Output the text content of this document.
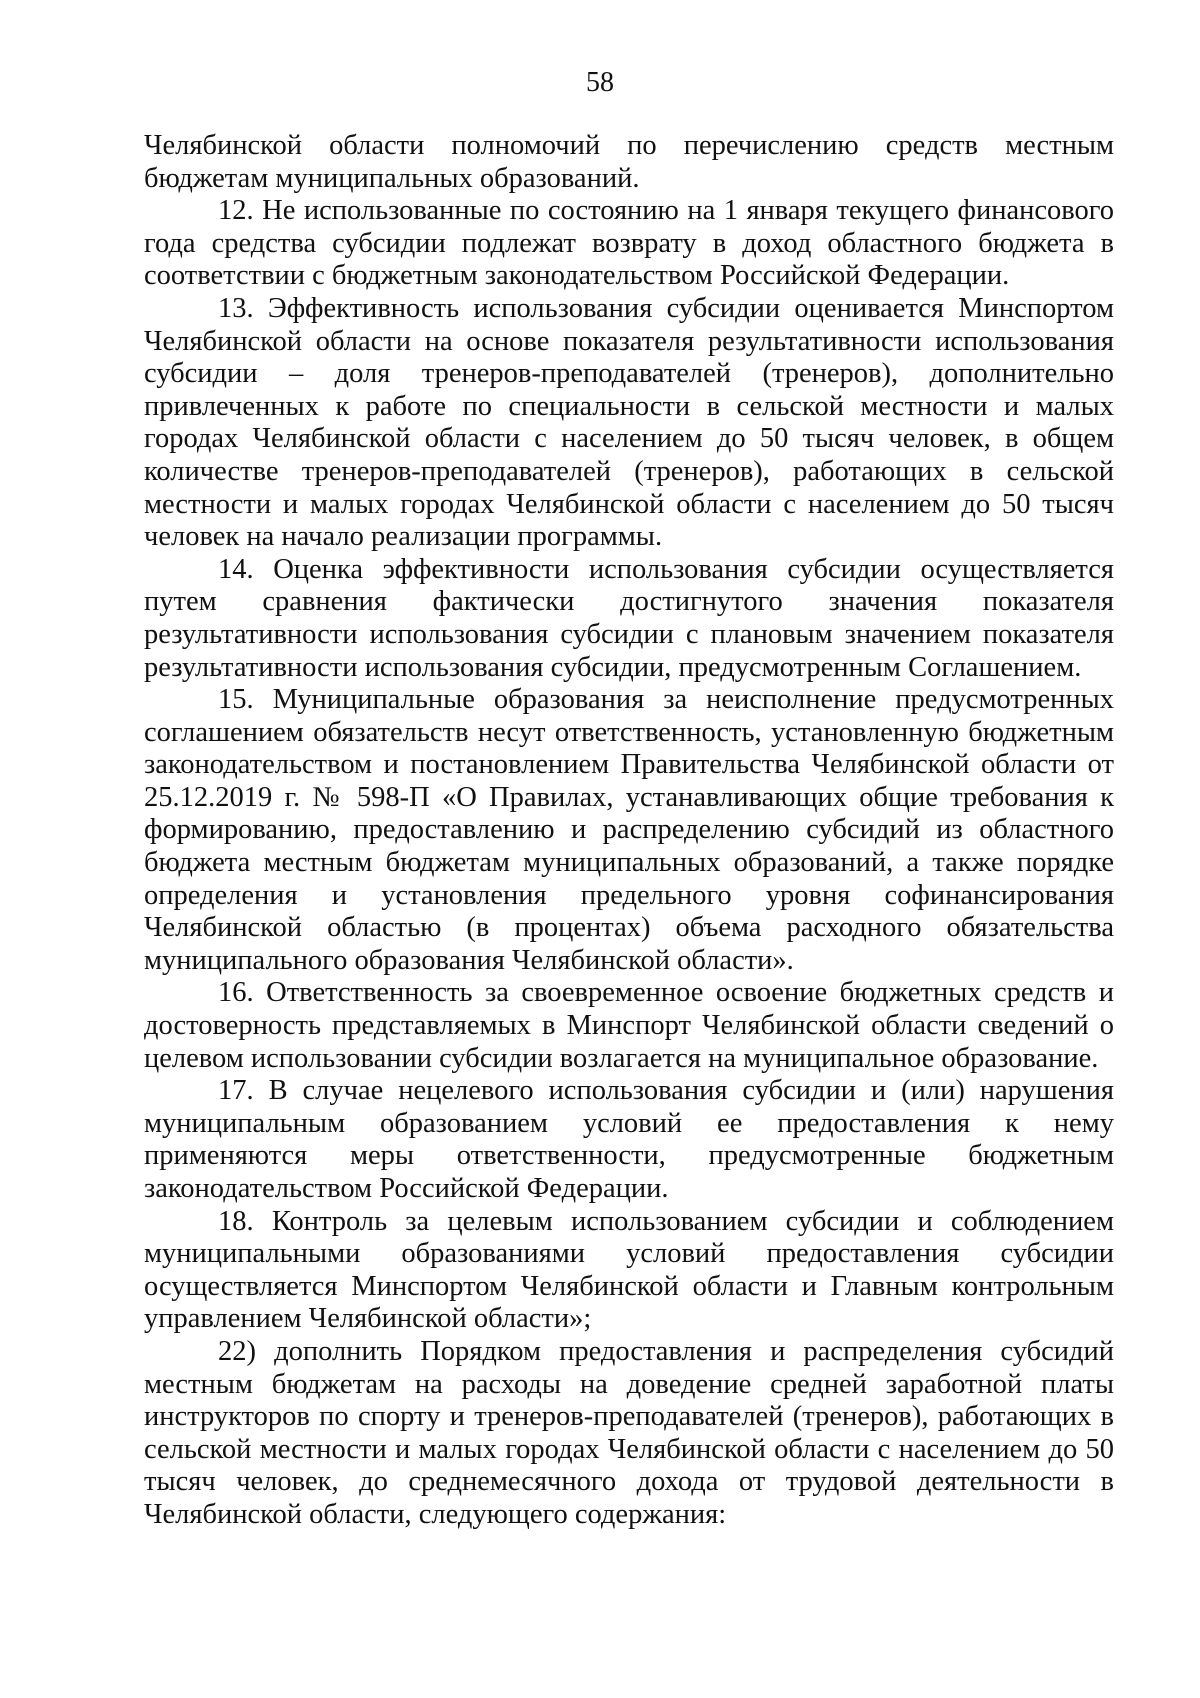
58

Челябинской области полномочий по перечислению средств местным бюджетам муниципальных образований.

12. Не использованные по состоянию на 1 января текущего финансового года средства субсидии подлежат возврату в доход областного бюджета в соответствии с бюджетным законодательством Российской Федерации.

13. Эффективность использования субсидии оценивается Минспортом Челябинской области на основе показателя результативности использования субсидии – доля тренеров-преподавателей (тренеров), дополнительно привлеченных к работе по специальности в сельской местности и малых городах Челябинской области с населением до 50 тысяч человек, в общем количестве тренеров-преподавателей (тренеров), работающих в сельской местности и малых городах Челябинской области с населением до 50 тысяч человек на начало реализации программы.

14. Оценка эффективности использования субсидии осуществляется путем сравнения фактически достигнутого значения показателя результативности использования субсидии с плановым значением показателя результативности использования субсидии, предусмотренным Соглашением.

15. Муниципальные образования за неисполнение предусмотренных соглашением обязательств несут ответственность, установленную бюджетным законодательством и постановлением Правительства Челябинской области от 25.12.2019 г. № 598-П «О Правилах, устанавливающих общие требования к формированию, предоставлению и распределению субсидий из областного бюджета местным бюджетам муниципальных образований, а также порядке определения и установления предельного уровня софинансирования Челябинской областью (в процентах) объема расходного обязательства муниципального образования Челябинской области».

16. Ответственность за своевременное освоение бюджетных средств и достоверность представляемых в Минспорт Челябинской области сведений о целевом использовании субсидии возлагается на муниципальное образование.

17. В случае нецелевого использования субсидии и (или) нарушения муниципальным образованием условий ее предоставления к нему применяются меры ответственности, предусмотренные бюджетным законодательством Российской Федерации.

18. Контроль за целевым использованием субсидии и соблюдением муниципальными образованиями условий предоставления субсидии осуществляется Минспортом Челябинской области и Главным контрольным управлением Челябинской области»;

22) дополнить Порядком предоставления и распределения субсидий местным бюджетам на расходы на доведение средней заработной платы инструкторов по спорту и тренеров-преподавателей (тренеров), работающих в сельской местности и малых городах Челябинской области с населением до 50 тысяч человек, до среднемесячного дохода от трудовой деятельности в Челябинской области, следующего содержания:
